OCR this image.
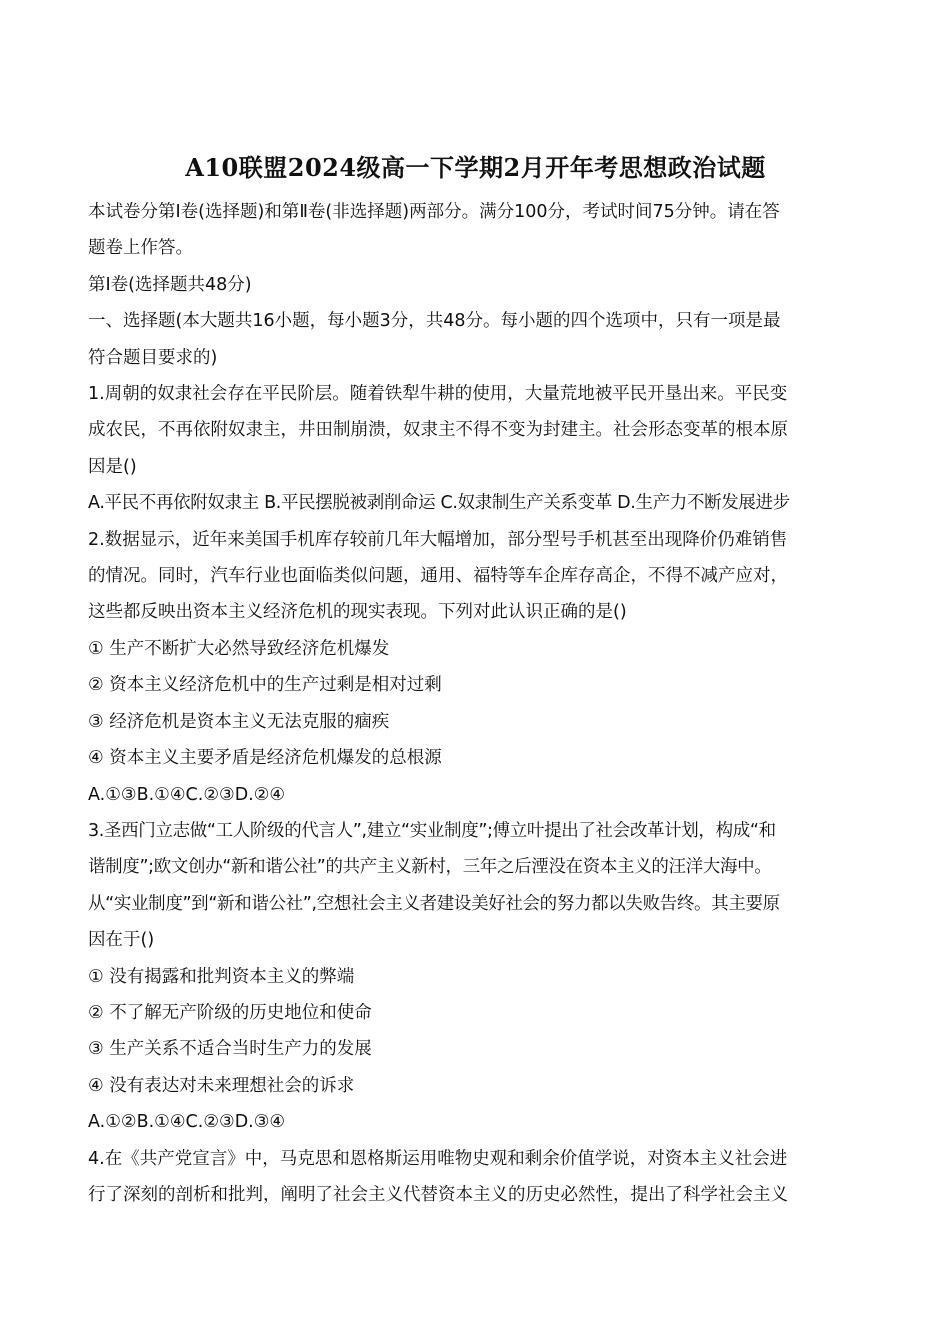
A10联盟2024级高一下学期2月开年考思想政治试题
本试卷分第Ⅰ卷(选择题)和第Ⅱ卷(非选择题)两部分。满分100分，考试时间75分钟。请在答
题卷上作答。
第Ⅰ卷(选择题共48分)
一、选择题(本大题共16小题，每小题3分，共48分。每小题的四个选项中，只有一项是最
符合题目要求的)
1.周朝的奴隶社会存在平民阶层。随着铁犁牛耕的使用，大量荒地被平民开垦出来。平民变
成农民，不再依附奴隶主，井田制崩溃，奴隶主不得不变为封建主。社会形态变革的根本原
因是()
A.平民不再依附奴隶主 B.平民摆脱被剥削命运 C.奴隶制生产关系变革 D.生产力不断发展进步
2.数据显示，近年来美国手机库存较前几年大幅增加，部分型号手机甚至出现降价仍难销售
的情况。同时，汽车行业也面临类似问题，通用、福特等车企库存高企，不得不减产应对，
这些都反映出资本主义经济危机的现实表现。下列对此认识正确的是()
① 生产不断扩大必然导致经济危机爆发
② 资本主义经济危机中的生产过剩是相对过剩
③ 经济危机是资本主义无法克服的痼疾
④ 资本主义主要矛盾是经济危机爆发的总根源
A.①③B.①④C.②③D.②④
3.圣西门立志做“工人阶级的代言人”,建立“实业制度”;傅立叶提出了社会改革计划，构成“和
谐制度”;欧文创办“新和谐公社”的共产主义新村，三年之后湮没在资本主义的汪洋大海中。
从“实业制度”到“新和谐公社”,空想社会主义者建设美好社会的努力都以失败告终。其主要原
因在于()
① 没有揭露和批判资本主义的弊端
② 不了解无产阶级的历史地位和使命
③ 生产关系不适合当时生产力的发展
④ 没有表达对未来理想社会的诉求
A.①②B.①④C.②③D.③④
4.在《共产党宣言》中，马克思和恩格斯运用唯物史观和剩余价值学说，对资本主义社会进
行了深刻的剖析和批判，阐明了社会主义代替资本主义的历史必然性，提出了科学社会主义
